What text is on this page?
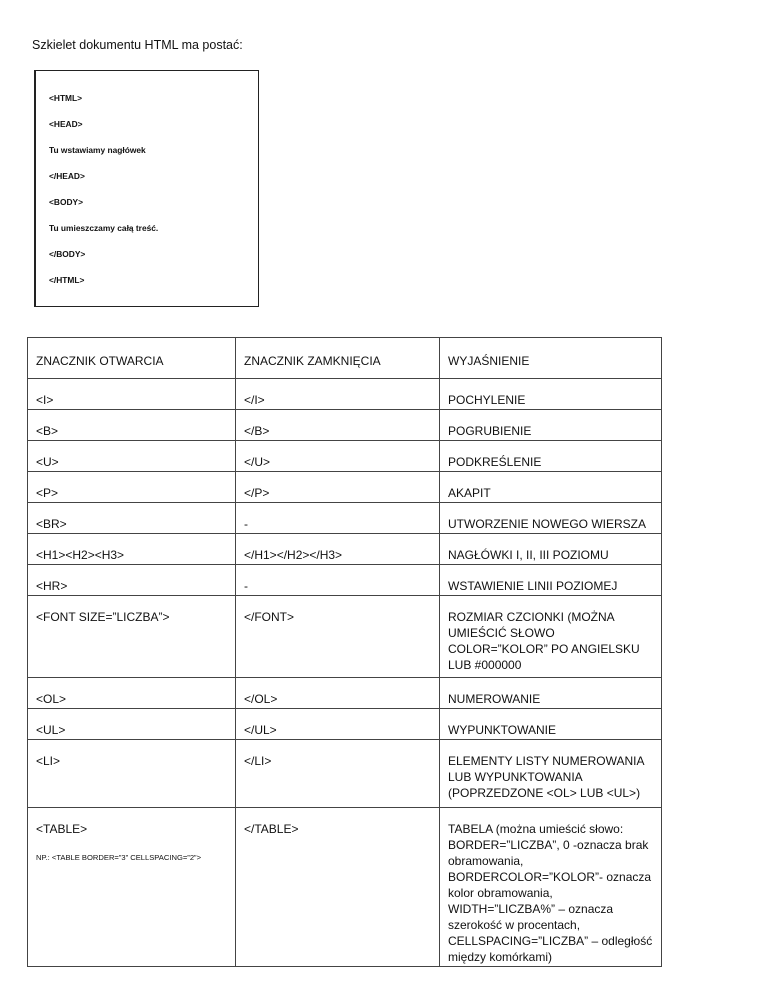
Szkielet dokumentu HTML ma postać:

<HTML>

<HEAD>

Tu wstawiamy nagłówek

</HEAD>

<BODY>

Tu umieszczamy całą treść.

</BODY>

</HTML>

ZNACZNIK OTWARCIA	ZNACZNIK ZAMKNIĘCIA	WYJAŚNIENIE

<I>	</I>	POCHYLENIE

<B>	</B>	POGRUBIENIE

<U>	</U>	PODKREŚLENIE

<P>	</P>	AKAPIT

<BR>	-	UTWORZENIE NOWEGO WIERSZA

<H1><H2><H3>	</H1></H2></H3>	NAGŁÓWKI I, II, III POZIOMU

<HR>	-	WSTAWIENIE LINII POZIOMEJ

<FONT SIZE=”LICZBA”>	</FONT>	ROZMIAR CZCIONKI (MOŻNA UMIEŚCIĆ SŁOWO COLOR=”KOLOR” PO ANGIELSKU LUB #000000

<OL>	</OL>	NUMEROWANIE

<UL>	</UL>	WYPUNKTOWANIE

<LI>	</LI>	ELEMENTY LISTY NUMEROWANIA LUB WYPUNKTOWANIA (POPRZEDZONE <OL> LUB <UL>)

<TABLE>
NP.: <TABLE BORDER=”3” CELLSPACING=”2”>	</TABLE>	TABELA (można umieścić słowo: BORDER=”LICZBA”, 0 -oznacza brak obramowania, BORDERCOLOR=”KOLOR”- oznacza kolor obramowania, WIDTH=”LICZBA%” – oznacza szerokość w procentach, CELLSPACING=”LICZBA” – odległość między komórkami)
